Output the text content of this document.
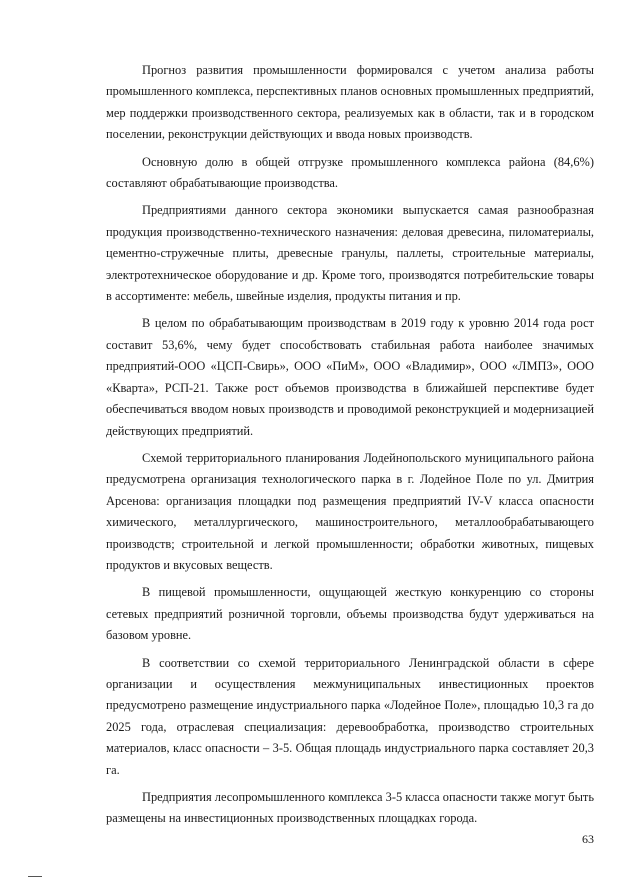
Прогноз развития промышленности формировался с учетом анализа работы промышленного комплекса, перспективных планов основных промышленных предприятий, мер поддержки производственного сектора, реализуемых как в области, так и в городском поселении, реконструкции действующих и ввода новых производств.

Основную долю в общей отгрузке промышленного комплекса района (84,6%) составляют обрабатывающие производства.

Предприятиями данного сектора экономики выпускается самая разнообразная продукция производственно-технического назначения: деловая древесина, пиломатериалы, цементно-стружечные плиты, древесные гранулы, паллеты, строительные материалы, электротехническое оборудование и др. Кроме того, производятся потребительские товары в ассортименте: мебель, швейные изделия, продукты питания и пр.

В целом по обрабатывающим производствам в 2019 году к уровню 2014 года рост составит 53,6%, чему будет способствовать стабильная работа наиболее значимых предприятий-ООО «ЦСП-Свирь», ООО «ПиМ», ООО «Владимир», ООО «ЛМПЗ», ООО «Кварта», РСП-21. Также рост объемов производства в ближайшей перспективе будет обеспечиваться вводом новых производств и проводимой реконструкцией и модернизацией действующих предприятий.

Схемой территориального планирования Лодейнопольского муниципального района предусмотрена организация технологического парка в г. Лодейное Поле по ул. Дмитрия Арсенова: организация площадки под размещения предприятий IV-V класса опасности химического, металлургического, машиностроительного, металлообрабатывающего производств; строительной и легкой промышленности; обработки животных, пищевых продуктов и вкусовых веществ.

В пищевой промышленности, ощущающей жесткую конкуренцию со стороны сетевых предприятий розничной торговли, объемы производства будут удерживаться на базовом уровне.

В соответствии со схемой территориального Ленинградской области в сфере организации и осуществления межмуниципальных инвестиционных проектов предусмотрено размещение индустриального парка «Лодейное Поле», площадью 10,3 га до 2025 года, отраслевая специализация: деревообработка, производство строительных материалов, класс опасности – 3-5. Общая площадь индустриального парка составляет 20,3 га.

Предприятия лесопромышленного комплекса 3-5 класса опасности также могут быть размещены на инвестиционных производственных площадках города.

63
